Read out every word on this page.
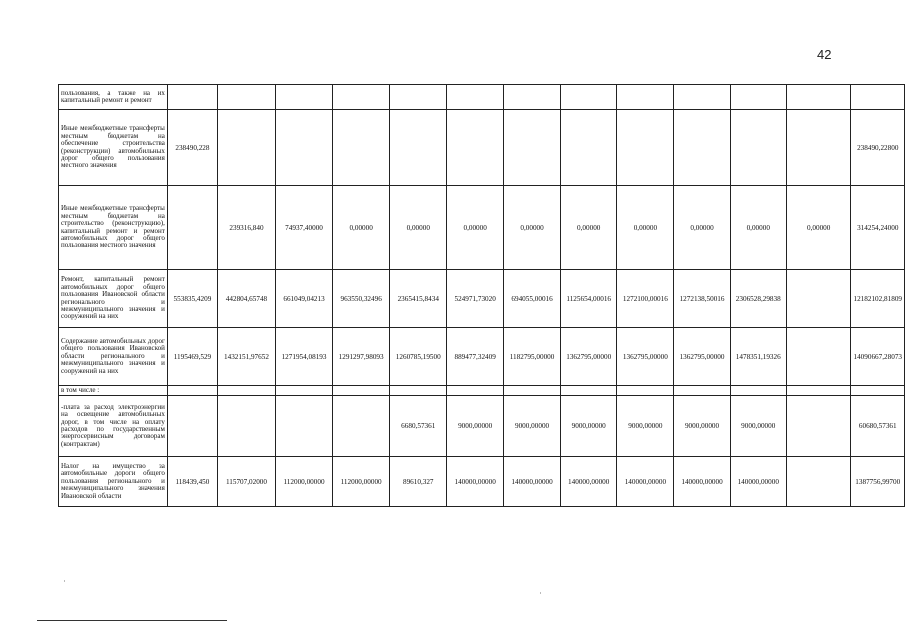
42
пользования, а также на их капитальный ремонт и ремонт													
Иные межбюджетные трансферты местным бюджетам на обеспечение строительства (реконструкции) автомобильных дорог общего пользования местного значения	238490,228												238490,22800
Иные межбюджетные трансферты местным бюджетам на строительство (реконструкцию), капитальный ремонт и ремонт автомобильных дорог общего пользования местного значения		239316,840	74937,40000	0,00000	0,00000	0,00000	0,00000	0,00000	0,00000	0,00000	0,00000	0,00000	314254,24000
Ремонт, капитальный ремонт автомобильных дорог общего пользования Ивановской области регионального и межмуниципального значения и сооружений на них	553835,4209	442804,65748	661049,04213	963550,32496	2365415,8434	524971,73020	694055,00016	1125654,00016	1272100,00016	1272138,50016	2306528,29838		12182102,81809
Содержание автомобильных дорог общего пользования Ивановской области регионального и межмуниципального значения и сооружений на них	1195469,529	1432151,97652	1271954,08193	1291297,98093	1260785,19500	889477,32409	1182795,00000	1362795,00000	1362795,00000	1362795,00000	1478351,19326		14090667,28073
в том числе :													
-плата за расход электроэнергии на освещение автомобильных дорог, в том числе на оплату расходов по государственным энергосервисным договорам (контрактам)					6680,57361	9000,00000	9000,00000	9000,00000	9000,00000	9000,00000	9000,00000		60680,57361
Налог на имущество за автомобильные дороги общего пользования регионального и межмуниципального значения Ивановской области	118439,450	115707,02000	112000,00000	112000,00000	89610,327	140000,00000	140000,00000	140000,00000	140000,00000	140000,00000	140000,00000		1387756,99700
